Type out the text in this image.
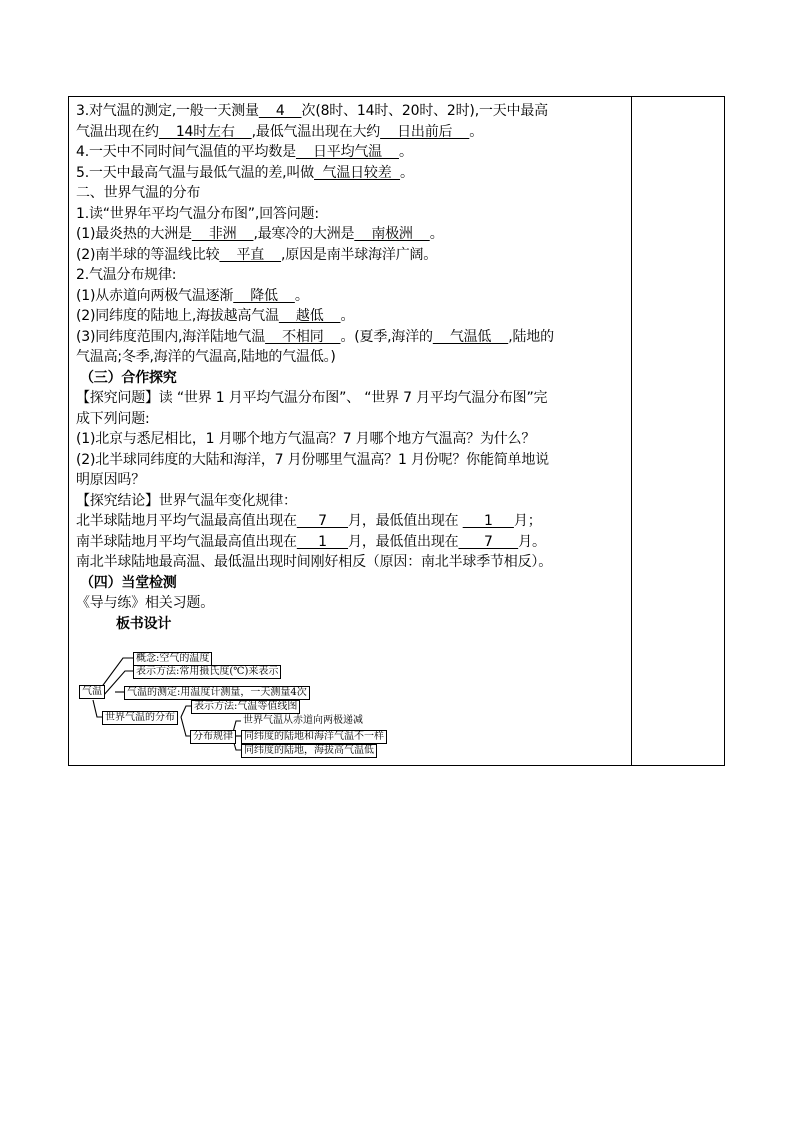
3.对气温的测定,一般一天测量    4    次(8时、14时、20时、2时),一天中最高
气温出现在约    14时左右    ,最低气温出现在大约    日出前后    。
4.一天中不同时间气温值的平均数是    日平均气温    。
5.一天中最高气温与最低气温的差,叫做  气温日较差  。
二、世界气温的分布
1.读“世界年平均气温分布图”,回答问题:
(1)最炎热的大洲是    非洲    ,最寒冷的大洲是    南极洲    。
(2)南半球的等温线比较    平直    ,原因是南半球海洋广阔。
2.气温分布规律:
(1)从赤道向两极气温逐渐    降低    。
(2)同纬度的陆地上,海拔越高气温    越低    。
(3)同纬度范围内,海洋陆地气温    不相同    。(夏季,海洋的    气温低    ,陆地的
气温高;冬季,海洋的气温高,陆地的气温低。)
（三）合作探究
【探究问题】读 “世界 1 月平均气温分布图”、 “世界 7 月平均气温分布图”完
成下列问题:
(1)北京与悉尼相比，1 月哪个地方气温高？7 月哪个地方气温高？为什么？
(2)北半球同纬度的大陆和海洋，7 月份哪里气温高？1 月份呢？你能简单地说
明原因吗？
【探究结论】世界气温年变化规律：
北半球陆地月平均气温最高值出现在     7     月，最低值出现在      1     月；
南半球陆地月平均气温最高值出现在     1     月，最低值出现在      7      月。
南北半球陆地最高温、最低温出现时间刚好相反（原因：南北半球季节相反）。
（四）当堂检测
《导与练》相关习题。
板书设计
气温
概念:空气的温度
表示方法:常用摄氏度(℃)来表示
气温的测定:用温度计测量，一天测量4次
世界气温的分布
表示方法:气温等值线图
分布规律
世界气温从赤道向两极递减
同纬度的陆地和海洋气温不一样
同纬度的陆地，海拔高气温低
